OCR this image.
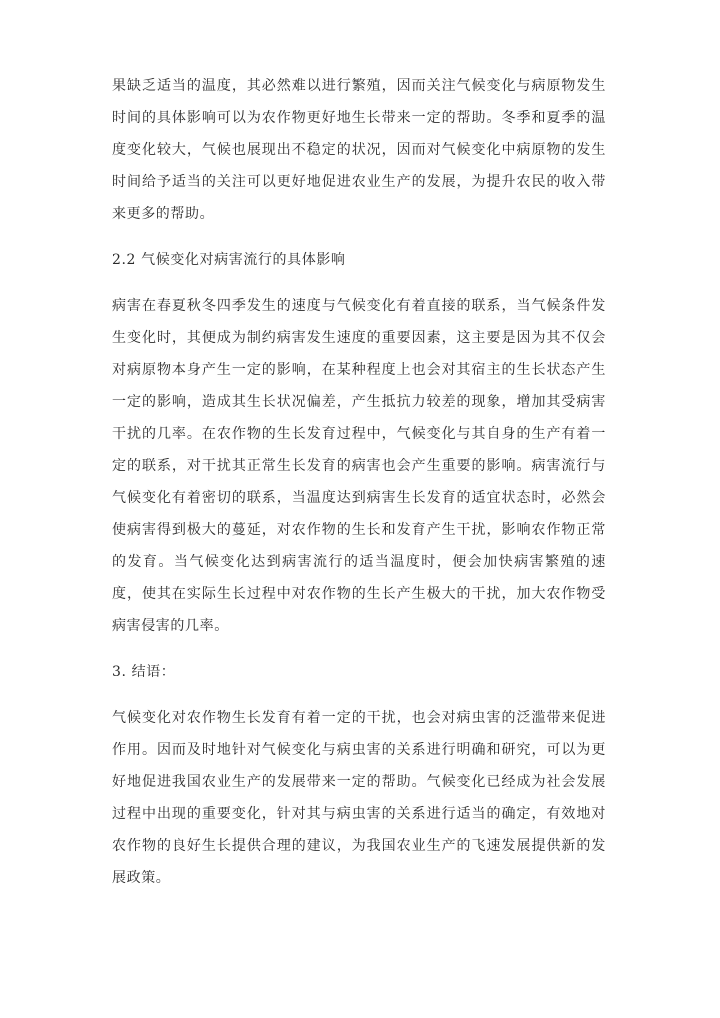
果缺乏适当的温度，其必然难以进行繁殖，因而关注气候变化与病原物发生时间的具体影响可以为农作物更好地生长带来一定的帮助。冬季和夏季的温度变化较大，气候也展现出不稳定的状况，因而对气候变化中病原物的发生时间给予适当的关注可以更好地促进农业生产的发展，为提升农民的收入带来更多的帮助。

2.2 气候变化对病害流行的具体影响

病害在春夏秋冬四季发生的速度与气候变化有着直接的联系，当气候条件发生变化时，其便成为制约病害发生速度的重要因素，这主要是因为其不仅会对病原物本身产生一定的影响，在某种程度上也会对其宿主的生长状态产生一定的影响，造成其生长状况偏差，产生抵抗力较差的现象，增加其受病害干扰的几率。在农作物的生长发育过程中，气候变化与其自身的生产有着一定的联系，对干扰其正常生长发育的病害也会产生重要的影响。病害流行与气候变化有着密切的联系，当温度达到病害生长发育的适宜状态时，必然会使病害得到极大的蔓延，对农作物的生长和发育产生干扰，影响农作物正常的发育。当气候变化达到病害流行的适当温度时，便会加快病害繁殖的速度，使其在实际生长过程中对农作物的生长产生极大的干扰，加大农作物受病害侵害的几率。

3. 结语：

气候变化对农作物生长发育有着一定的干扰，也会对病虫害的泛滥带来促进作用。因而及时地针对气候变化与病虫害的关系进行明确和研究，可以为更好地促进我国农业生产的发展带来一定的帮助。气候变化已经成为社会发展过程中出现的重要变化，针对其与病虫害的关系进行适当的确定，有效地对农作物的良好生长提供合理的建议，为我国农业生产的飞速发展提供新的发展政策。
